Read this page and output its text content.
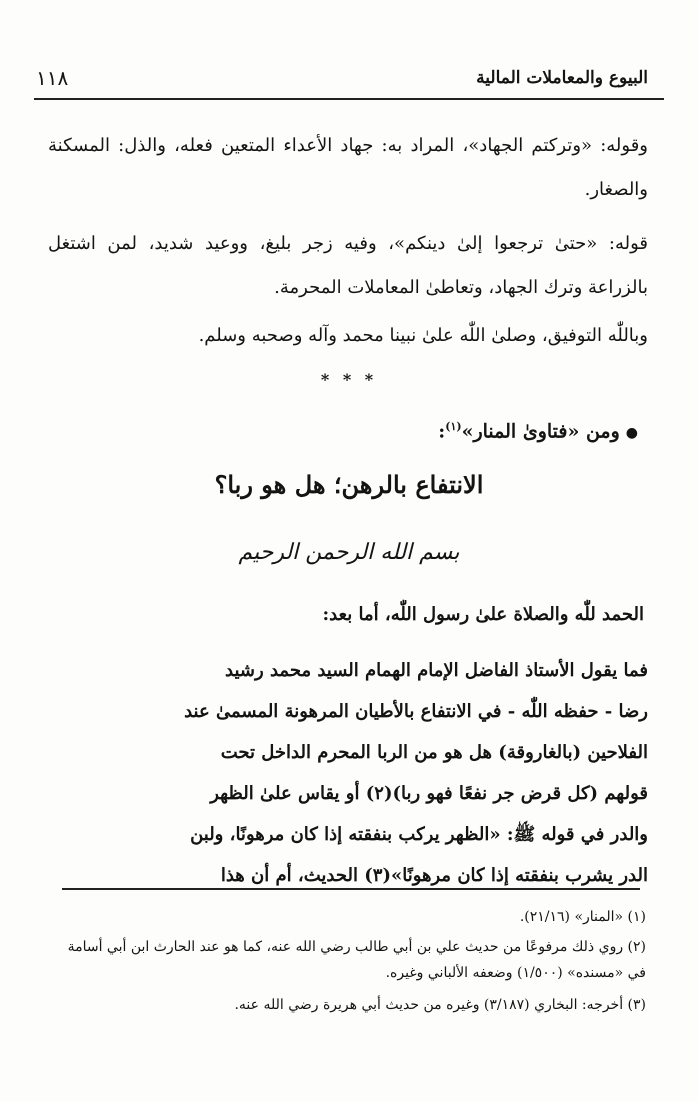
١١٨	البيوع والمعاملات المالية
وقوله: «وتركتم الجهاد»، المراد به: جهاد الأعداء المتعين فعله، والذل: المسكنة والصغار.
قوله: «حتىٰ ترجعوا إلىٰ دينكم»، وفيه زجر بليغ، ووعيد شديد، لمن اشتغل بالزراعة وترك الجهاد، وتعاطىٰ المعاملات المحرمة.
وباللّٰه التوفيق، وصلىٰ اللّٰه علىٰ نبينا محمد وآله وصحبه وسلم.
* * *
●ومن «فتاوىٰ المنار»$^{(١)}$:
الانتفاع بالرهن؛ هل هو ربا؟
بسم الله الرحمن الرحيم
الحمد للّٰه والصلاة علىٰ رسول اللّٰه، أما بعد:
فما يقول الأستاذ الفاضل الإمام الهمام السيد محمد رشيد
رضا - حفظه اللّٰه - في الانتفاع بالأطيان المرهونة المسمىٰ عند
الفلاحين (بالغاروقة) هل هو من الربا المحرم الداخل تحت
قولهم (كل قرض جر نفعًا فهو ربا)(٢) أو يقاس علىٰ الظهر
والدر في قوله ﷺ: «الظهر يركب بنفقته إذا كان مرهونًا، ولبن
الدر يشرب بنفقته إذا كان مرهونًا»(٣) الحديث، أم أن هذا
(١) «المنار» (٢١/١٦).
(٢) روي ذلك مرفوعًا من حديث علي بن أبي طالب رضي الله عنه، كما هو عند الحارث ابن أبي أسامة في «مسنده» (١/٥٠٠) وضعفه الألباني وغيره.
(٣) أخرجه: البخاري (٣/١٨٧) وغيره من حديث أبي هريرة رضي الله عنه.
